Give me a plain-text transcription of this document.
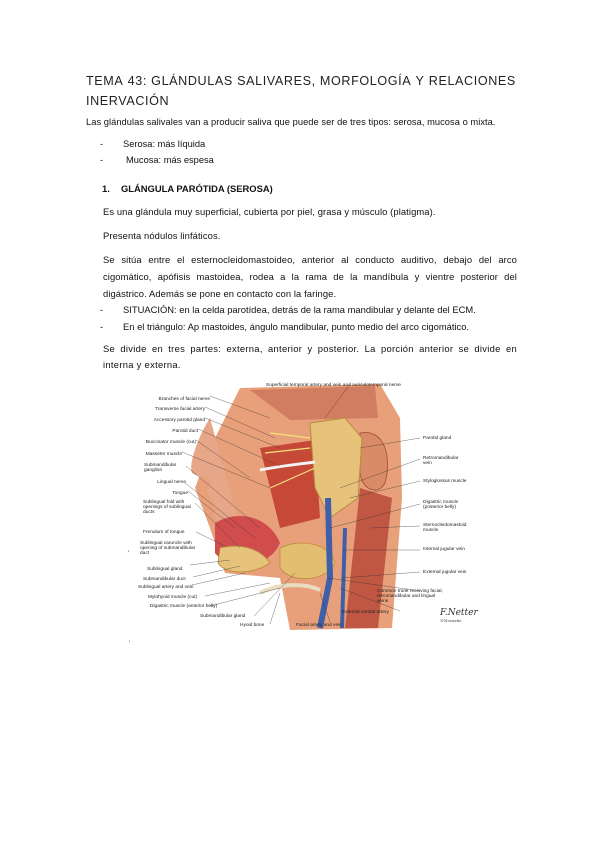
TEMA 43: GLÁNDULAS SALIVARES, MORFOLOGÍA Y RELACIONES
INERVACIÓN
Las glándulas salivales van a producir saliva que puede ser de tres tipos: serosa, mucosa o mixta.
-	Serosa: más líquida
-	Mucosa: más espesa
1. GLÁNGULA PARÓTIDA (SEROSA)
Es una glándula muy superficial, cubierta por piel, grasa y músculo (platigma).
Presenta nódulos linfáticos.
Se sitúa entre el esternocleidomastoideo, anterior al conducto auditivo, debajo del arco cigomático, apófisis mastoidea, rodea a la rama de la mandíbula y vientre posterior del digástrico. Además se pone en contacto con la faringe.
-	SITUACIÓN: en la celda parotídea, detrás de la rama mandibular y delante del ECM.
-	En el triángulo: Ap mastoides, ángulo mandibular, punto medio del arco cigomático.
Se divide en tres partes: externa, anterior y posterior. La porción anterior se divide en interna y externa.
Superficial temporal artery and vein and auriculotemporal nerve
Branches of facial nerve
Transverse facial artery
Accessory parotid gland
Parotid duct
Buccinator muscle (cut)
Masseter muscle
Submandibular ganglion
Lingual nerve
Tongue
Sublingual fold with openings of sublingual ducts
Frenulum of tongue
Sublingual caruncle with opening of submandibular duct
Sublingual gland
Submandibular duct
Sublingual artery and vein
Mylohyoid muscle (cut)
Digastric muscle (anterior belly)
Submandibular gland
Hyoid bone
Parotid gland
Retromandibular vein
Styloglossus muscle
Digastric muscle (posterior belly)
Sternocleidomastoid muscle
Internal jugular vein
External jugular vein
Common trunk receiving facial, retromandibular and lingual veins
External carotid artery
Facial artery and vein
F.Netter
©Novartis
ˈ
ˌ
